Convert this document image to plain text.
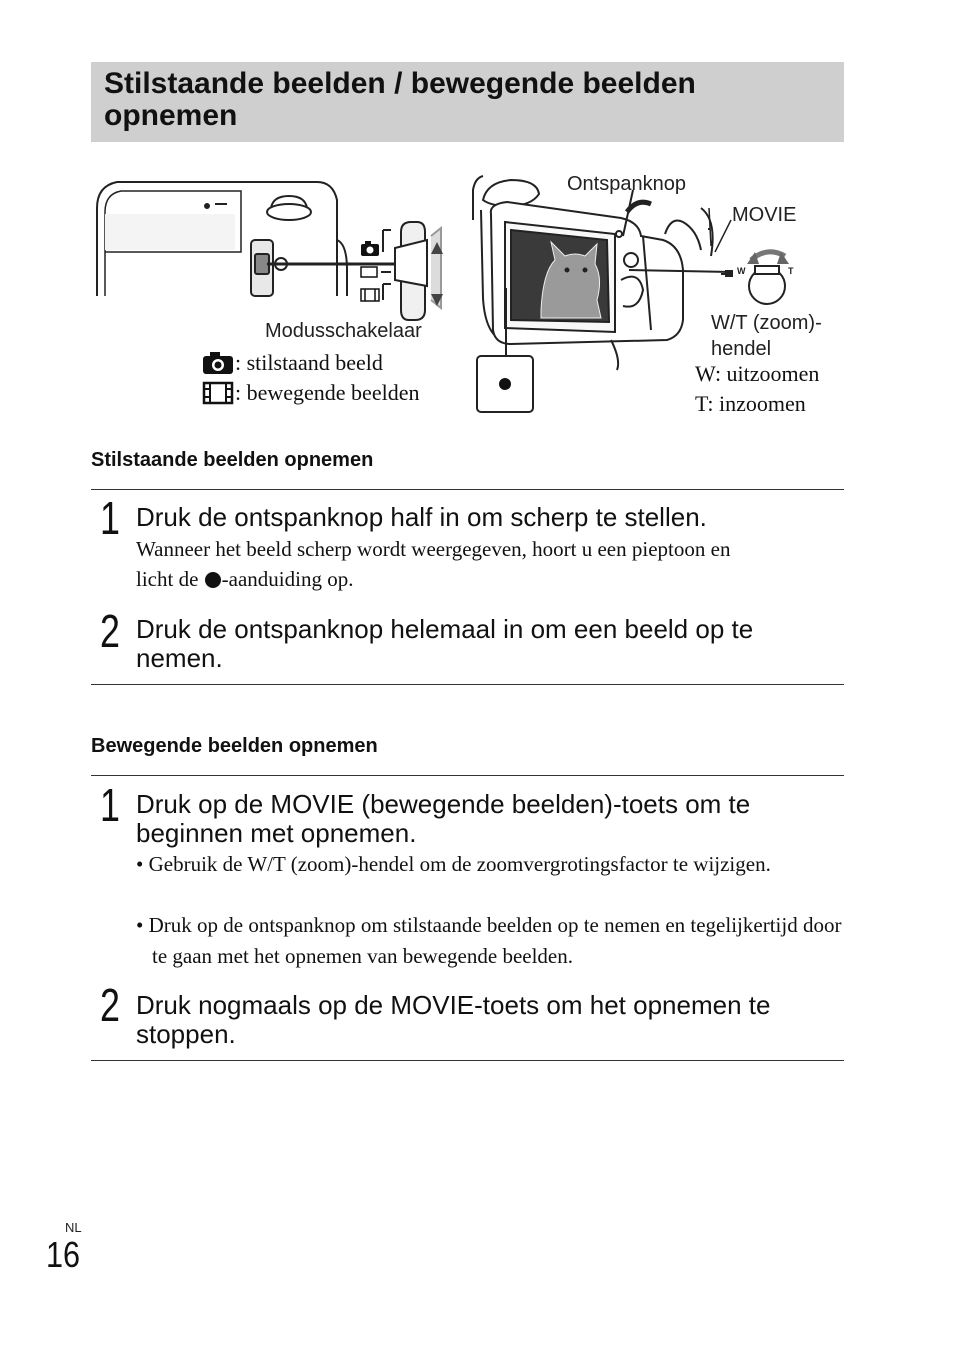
Stilstaande beelden / bewegende beelden opnemen
Ontspanknop
MOVIE
Modusschakelaar	W/T (zoom)-
hendel
W: uitzoomen
T: inzoomen
W	T
: stilstaand beeld
: bewegende beelden
Stilstaande beelden opnemen
1 Druk de ontspanknop half in om scherp te stellen.
Wanneer het beeld scherp wordt weergegeven, hoort u een pieptoon en
licht de -aanduiding op.
2 Druk de ontspanknop helemaal in om een beeld op te
nemen.
Bewegende beelden opnemen
1 Druk op de MOVIE (bewegende beelden)-toets om te
beginnen met opnemen.
• Gebruik de W/T (zoom)-hendel om de zoomvergrotingsfactor te wijzigen.
• Druk op de ontspanknop om stilstaande beelden op te nemen en tegelijkertijd door te gaan met het opnemen van bewegende beelden.
2 Druk nogmaals op de MOVIE-toets om het opnemen te
stoppen.
NL
16
